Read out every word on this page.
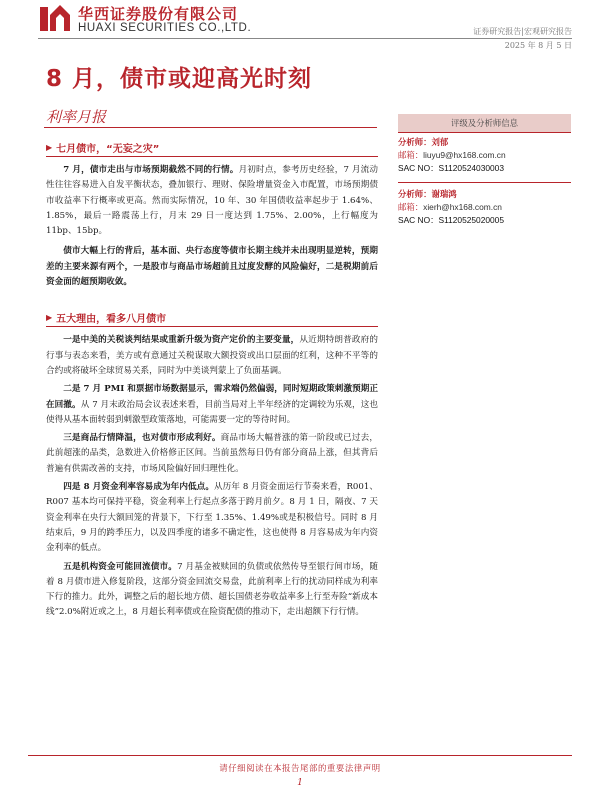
华西证券股份有限公司
HUAXI SECURITIES CO.,LTD.	证券研究报告|宏观研究报告
2025 年 8 月 5 日
8 月，债市或迎高光时刻
利率月报
▶ 七月债市，“无妄之灾”

7 月，债市走出与市场预期截然不同的行情。月初时点，参考历史经验，7 月流动性往往容易进入自发平衡状态，叠加银行、理财、保险增量资金入市配置，市场预期债市收益率下行概率或更高。然而实际情况，10 年、30 年国债收益率起步于 1.64%、1.85%，最后一路震荡上行，月末 29 日一度达到 1.75%、2.00%，上行幅度为 11bp、15bp。

债市大幅上行的背后，基本面、央行态度等债市长期主线并未出现明显逆转，预期差的主要来源有两个，一是股市与商品市场超前且过度发酵的风险偏好，二是税期前后资金面的超预期收敛。

▶ 五大理由，看多八月债市

一是中美的关税谈判结果或重新升级为资产定价的主要变量，从近期特朗普政府的行事与表态来看，美方或有意通过关税谋取大额投资或出口层面的红利，这种不平等的合约或将破坏全球贸易关系，同时为中美谈判蒙上了负面基调。

二是 7 月 PMI 和票据市场数据显示，需求端仍然偏弱，同时短期政策刺激预期正在回撤。从 7 月末政治局会议表述来看，目前当局对上半年经济的定调较为乐观，这也使得从基本面转弱到刺激型政策落地，可能需要一定的等待时间。

三是商品行情降温，也对债市形成利好。商品市场大幅普涨的第一阶段或已过去，此前超涨的品类，急数进入价格修正区间。当前虽然每日仍有部分商品上涨，但其背后普遍有供需改善的支持，市场风险偏好回归理性化。

四是 8 月资金利率容易成为年内低点。从历年 8 月资金面运行节奏来看，R001、R007 基本均可保持平稳，资金利率上行起点多落于跨月前夕。8 月 1 日，隔夜、7 天资金利率在央行大额回笼的背景下，下行至 1.35%、1.49%或是积极信号。同时 8 月结束后，9 月的跨季压力，以及四季度的诸多不确定性，这也使得 8 月容易成为年内资金利率的低点。

五是机构资金可能回流债市。7 月基金被赎回的负债或依然传导至银行间市场，随着 8 月债市进入修复阶段，这部分资金回流交易盘，此前利率上行的扰动同样成为利率下行的推力。此外，调整之后的超长地方债、超长国债老券收益率多上行至寿险“新成本线”2.0%附近或之上，8 月超长利率债或在险资配债的推动下，走出超额下行行情。

评级及分析师信息
分析师：刘郁
邮箱：liuyu9@hx168.com.cn
SAC NO：S1120524030003
分析师：谢瑞鸿
邮箱：xierh@hx168.com.cn
SAC NO：S1120525020005
请仔细阅读在本报告尾部的重要法律声明
1
